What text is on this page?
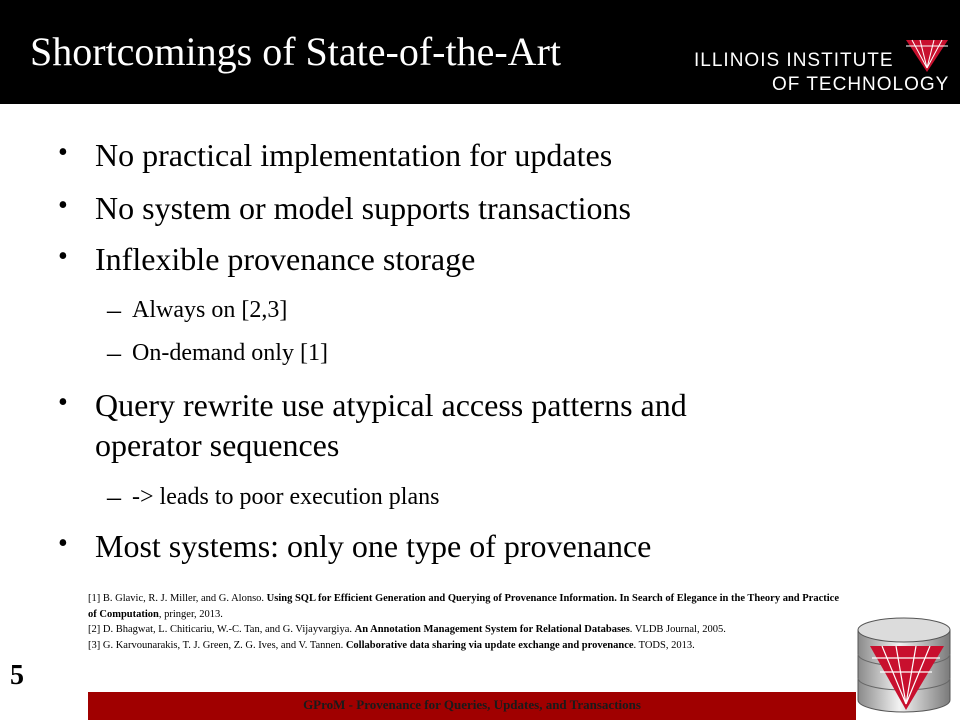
Shortcomings of State-of-the-Art	ILLINOIS INSTITUTE
OF TECHNOLOGY
• No practical implementation for updates
• No system or model supports transactions
• Inflexible provenance storage
– Always on [2,3]
– On-demand only [1]
• Query rewrite use atypical access patterns and
operator sequences
– -> leads to poor execution plans
• Most systems: only one type of provenance

[1] B. Glavic, R. J. Miller, and G. Alonso. Using SQL for Efficient Generation and Querying of Provenance Information. In Search of Elegance in the Theory and Practice of Computation, pringer, 2013.

[2] D. Bhagwat, L. Chiticariu, W.-C. Tan, and G. Vijayvargiya. An Annotation Management System for Relational Databases. VLDB Journal, 2005.

[3] G. Karvounarakis, T. J. Green, Z. G. Ives, and V. Tannen. Collaborative data sharing via update exchange and provenance. TODS, 2013.

5
GProM - Provenance for Queries, Updates, and Transactions
